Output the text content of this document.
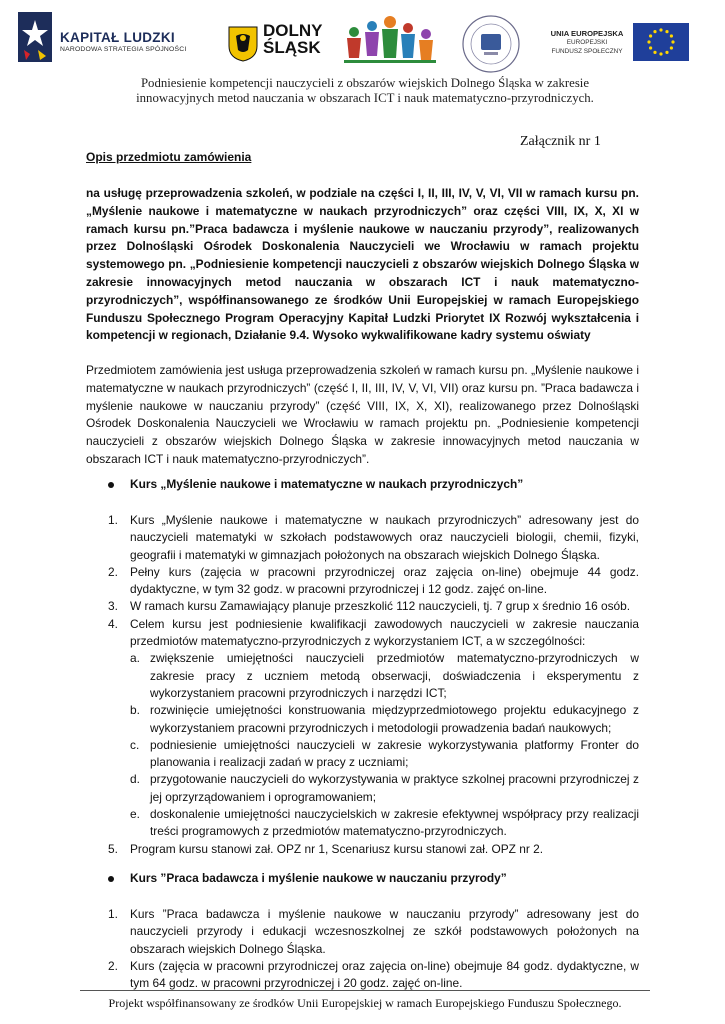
KAPITAŁ LUDZKI
NARODOWA STRATEGIA SPÓJNOŚCI
DOLNY
ŚLĄSK
UNIA EUROPEJSKA
EUROPEJSKI
FUNDUSZ SPOŁECZNY
Podniesienie kompetencji nauczycieli z obszarów wiejskich Dolnego Śląska w zakresie
innowacyjnych metod nauczania w obszarach ICT i nauk matematyczno-przyrodniczych.
Załącznik nr 1
Opis przedmiotu zamówienia
na usługę przeprowadzenia szkoleń, w podziale na części I, II, III, IV, V, VI, VII w ramach kursu pn. „Myślenie naukowe i matematyczne w naukach przyrodniczych” oraz części VIII, IX, X, XI w ramach kursu pn.”Praca badawcza i myślenie naukowe w nauczaniu przyrody”, realizowanych przez Dolnośląski Ośrodek Doskonalenia Nauczycieli we Wrocławiu w ramach projektu systemowego pn. „Podniesienie kompetencji nauczycieli z obszarów wiejskich Dolnego Śląska w zakresie innowacyjnych metod nauczania w obszarach ICT i nauk matematyczno-przyrodniczych”, współfinansowanego ze środków Unii Europejskiej w ramach Europejskiego Funduszu Społecznego Program Operacyjny Kapitał Ludzki Priorytet IX Rozwój wykształcenia i kompetencji w regionach, Działanie 9.4. Wysoko wykwalifikowane kadry systemu oświaty
Przedmiotem zamówienia jest usługa przeprowadzenia szkoleń w ramach kursu pn. „Myślenie naukowe i matematyczne w naukach przyrodniczych” (część I, II, III, IV, V, VI, VII) oraz kursu pn. ”Praca badawcza i myślenie naukowe w nauczaniu przyrody” (część VIII, IX, X, XI), realizowanego przez Dolnośląski Ośrodek Doskonalenia Nauczycieli we Wrocławiu w ramach projektu pn. „Podniesienie kompetencji nauczycieli z obszarów wiejskich Dolnego Śląska w zakresie innowacyjnych metod nauczania w obszarach ICT i nauk matematyczno-przyrodniczych”.
Kurs „Myślenie naukowe i matematyczne w naukach przyrodniczych”
1. Kurs „Myślenie naukowe i matematyczne w naukach przyrodniczych” adresowany jest do nauczycieli matematyki w szkołach podstawowych oraz nauczycieli biologii, chemii, fizyki, geografii i matematyki w gimnazjach położonych na obszarach wiejskich Dolnego Śląska.
2. Pełny kurs (zajęcia w pracowni przyrodniczej oraz zajęcia on-line) obejmuje 44 godz. dydaktyczne, w tym 32 godz. w pracowni przyrodniczej i 12 godz. zajęć on-line.
3. W ramach kursu Zamawiający planuje przeszkolić 112 nauczycieli, tj. 7 grup x średnio 16 osób.
4. Celem kursu jest podniesienie kwalifikacji zawodowych nauczycieli w zakresie nauczania przedmiotów matematyczno-przyrodniczych z wykorzystaniem ICT, a w szczególności:
a. zwiększenie umiejętności nauczycieli przedmiotów matematyczno-przyrodniczych w zakresie pracy z uczniem metodą obserwacji, doświadczenia i eksperymentu z wykorzystaniem pracowni przyrodniczych i narzędzi ICT;
b. rozwinięcie umiejętności konstruowania międzyprzedmiotowego projektu edukacyjnego z wykorzystaniem pracowni przyrodniczych i metodologii prowadzenia badań naukowych;
c. podniesienie umiejętności nauczycieli w zakresie wykorzystywania platformy Fronter do planowania i realizacji zadań w pracy z uczniami;
d. przygotowanie nauczycieli do wykorzystywania w praktyce szkolnej pracowni przyrodniczej z jej oprzyrządowaniem i oprogramowaniem;
e. doskonalenie umiejętności nauczycielskich w zakresie efektywnej współpracy przy realizacji treści programowych z przedmiotów matematyczno-przyrodniczych.
5. Program kursu stanowi zał. OPZ nr 1, Scenariusz kursu stanowi zał. OPZ nr 2.
Kurs ”Praca badawcza i myślenie naukowe w nauczaniu przyrody”
1. Kurs ”Praca badawcza i myślenie naukowe w nauczaniu przyrody” adresowany jest do nauczycieli przyrody i edukacji wczesnoszkolnej ze szkół podstawowych położonych na obszarach wiejskich Dolnego Śląska.
2. Kurs (zajęcia w pracowni przyrodniczej oraz zajęcia on-line) obejmuje 84 godz. dydaktyczne, w tym 64 godz. w pracowni przyrodniczej i 20 godz. zajęć on-line.
Projekt współfinansowany ze środków Unii Europejskiej w ramach Europejskiego Funduszu Społecznego.
